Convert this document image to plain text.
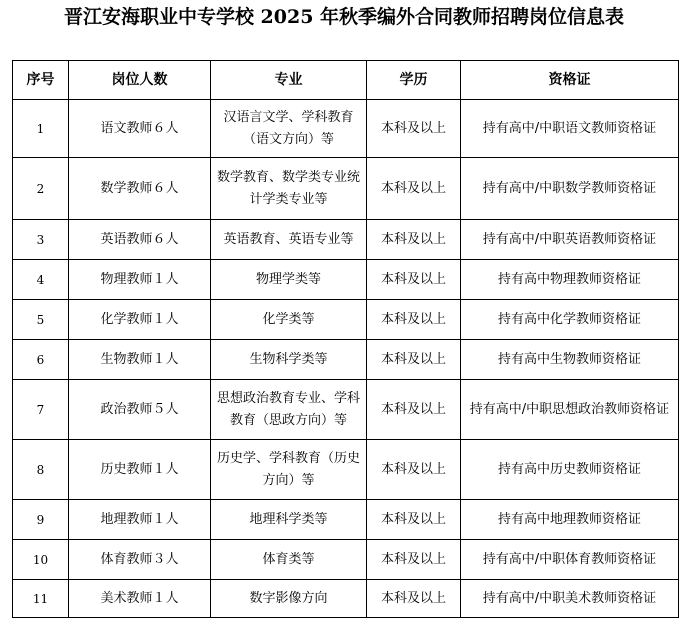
晋江安海职业中专学校 2025 年秋季编外合同教师招聘岗位信息表
序号	岗位人数	专业	学历	资格证
1	语文教师６人	汉语言文学、学科教育（语文方向）等	本科及以上	持有高中/中职语文教师资格证
2	数学教师６人	数学教育、数学类专业统计学类专业等	本科及以上	持有高中/中职数学教师资格证
3	英语教师６人	英语教育、英语专业等	本科及以上	持有高中/中职英语教师资格证
4	物理教师１人	物理学类等	本科及以上	持有高中物理教师资格证
5	化学教师１人	化学类等	本科及以上	持有高中化学教师资格证
6	生物教师１人	生物科学类等	本科及以上	持有高中生物教师资格证
7	政治教师５人	思想政治教育专业、学科教育（思政方向）等	本科及以上	持有高中/中职思想政治教师资格证
8	历史教师１人	历史学、学科教育（历史方向）等	本科及以上	持有高中历史教师资格证
9	地理教师１人	地理科学类等	本科及以上	持有高中地理教师资格证
10	体育教师３人	体育类等	本科及以上	持有高中/中职体育教师资格证
11	美术教师１人	数字影像方向	本科及以上	持有高中/中职美术教师资格证
